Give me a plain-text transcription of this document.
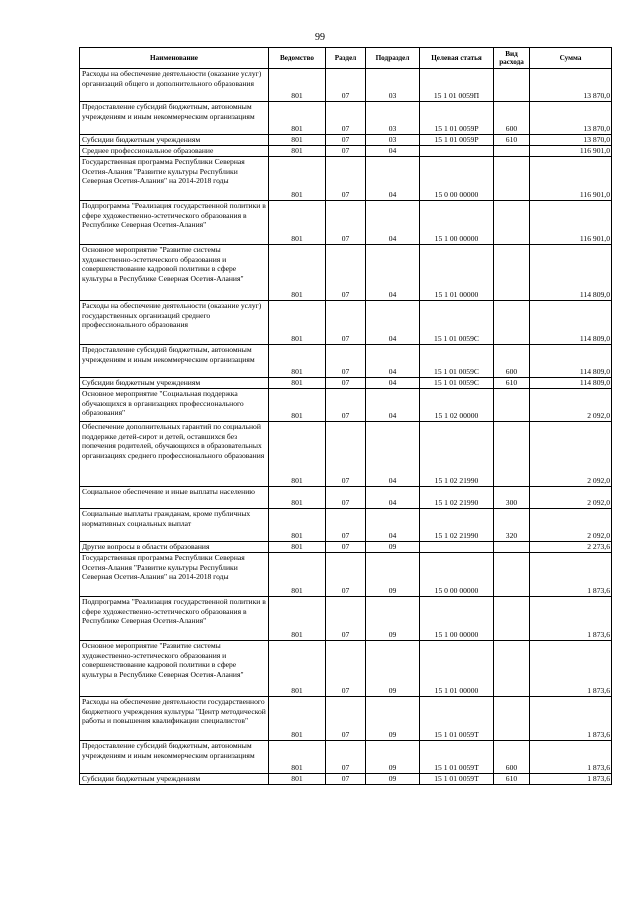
99
Наименование	Ведомство	Раздел	Подраздел	Целевая статья	Вид расхода	Сумма
Расходы на обеспечение деятельности (оказание услуг) организаций общего и дополнительного образования	801	07	03	15 1 01 0059П		13 870,0
Предоставление субсидий бюджетным, автономным учреждениям и иным некоммерческим организациям	801	07	03	15 1 01 0059Р	600	13 870,0
Субсидии бюджетным учреждениям	801	07	03	15 1 01 0059Р	610	13 870,0
Среднее профессиональное образование	801	07	04			116 901,0
Государственная программа Республики Северная Осетия-Алания "Развитие культуры Республики Северная Осетия-Алания" на 2014-2018 годы	801	07	04	15 0 00 00000		116 901,0
Подпрограмма "Реализация государственной политики в сфере художественно-эстетического образования в Республике Северная Осетия-Алания"	801	07	04	15 1 00 00000		116 901,0
Основное мероприятие "Развитие системы художественно-эстетического образования и совершенствование кадровой политики в сфере культуры в Республике Северная Осетия-Алания"	801	07	04	15 1 01 00000		114 809,0
Расходы на обеспечение деятельности (оказание услуг) государственных организаций среднего профессионального образования	801	07	04	15 1 01 0059С		114 809,0
Предоставление субсидий бюджетным, автономным учреждениям и иным некоммерческим организациям	801	07	04	15 1 01 0059С	600	114 809,0
Субсидии бюджетным учреждениям	801	07	04	15 1 01 0059С	610	114 809,0
Основное мероприятие "Социальная поддержка обучающихся в организациях профессионального образования"	801	07	04	15 1 02 00000		2 092,0
Обеспечение дополнительных гарантий по социальной поддержке детей-сирот и детей, оставшихся без попечения родителей, обучающихся в образовательных организациях среднего профессионального образования	801	07	04	15 1 02 21990		2 092,0
Социальное обеспечение и иные выплаты населению	801	07	04	15 1 02 21990	300	2 092,0
Социальные выплаты гражданам, кроме публичных нормативных социальных выплат	801	07	04	15 1 02 21990	320	2 092,0
Другие вопросы в области образования	801	07	09			2 273,6
Государственная программа Республики Северная Осетия-Алания "Развитие культуры Республики Северная Осетия-Алания" на 2014-2018 годы	801	07	09	15 0 00 00000		1 873,6
Подпрограмма "Реализация государственной политики в сфере художественно-эстетического образования в Республике Северная Осетия-Алания"	801	07	09	15 1 00 00000		1 873,6
Основное мероприятие "Развитие системы художественно-эстетического образования и совершенствование кадровой политики в сфере культуры в Республике Северная Осетия-Алания"	801	07	09	15 1 01 00000		1 873,6
Расходы на обеспечение деятельности государственного бюджетного учреждения культуры "Центр методической работы и повышения квалификации специалистов"	801	07	09	15 1 01 0059Т		1 873,6
Предоставление субсидий бюджетным, автономным учреждениям и иным некоммерческим организациям	801	07	09	15 1 01 0059Т	600	1 873,6
Субсидии бюджетным учреждениям	801	07	09	15 1 01 0059Т	610	1 873,6
